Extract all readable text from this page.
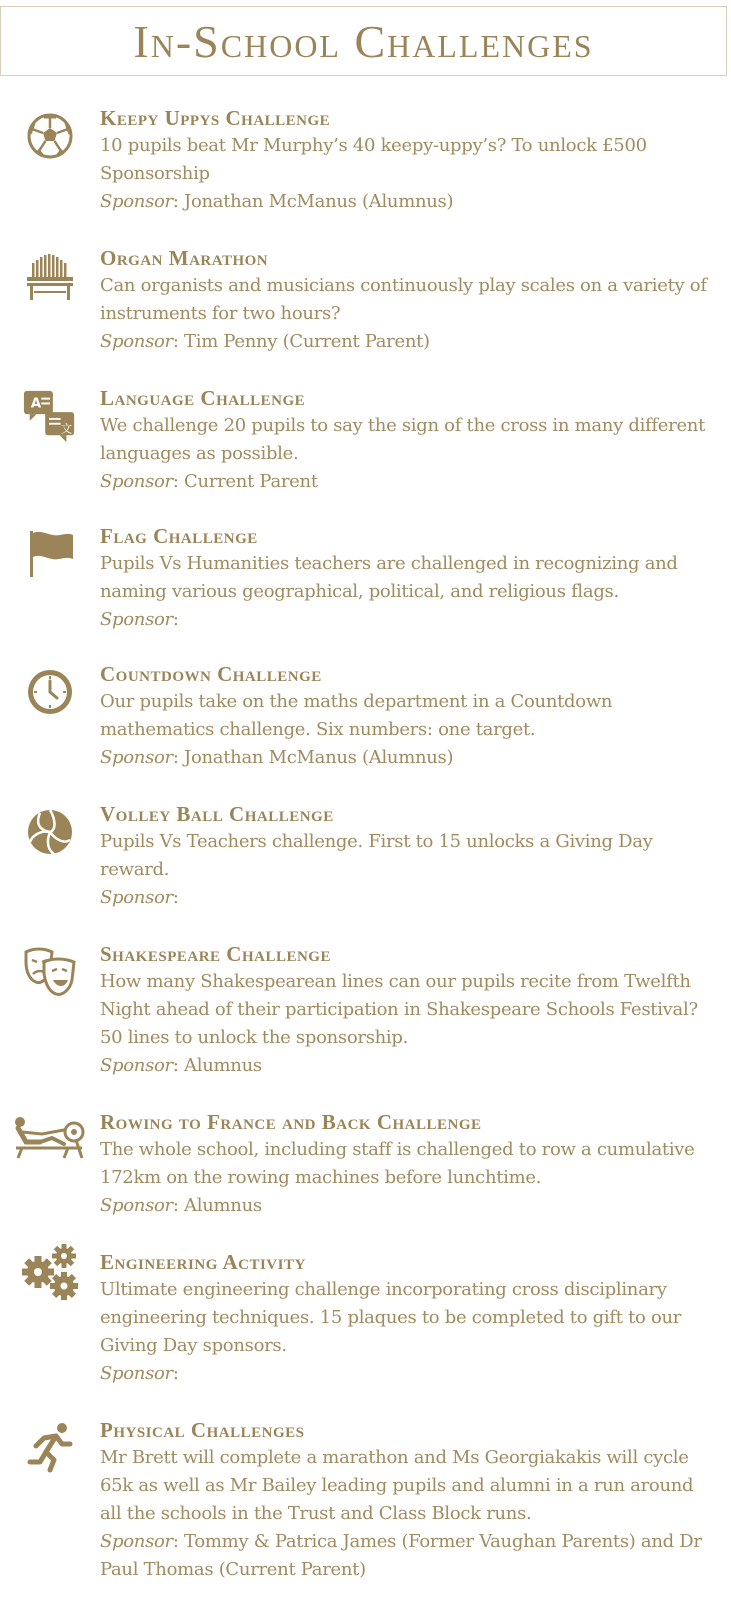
In-School Challenges

Keepy Uppys Challenge

10 pupils beat Mr Murphy’s 40 keepy-uppy’s? To unlock £500 Sponsorship

Sponsor: Jonathan McManus (Alumnus)

Organ Marathon

Can organists and musicians continuously play scales on a variety of instruments for two hours?

Sponsor: Tim Penny (Current Parent)

A
文

Language Challenge

We challenge 20 pupils to say the sign of the cross in many different languages as possible.

Sponsor: Current Parent

Flag Challenge

Pupils Vs Humanities teachers are challenged in recognizing and naming various geographical, political, and religious flags.

Sponsor:

Countdown Challenge

Our pupils take on the maths department in a Countdown mathematics challenge. Six numbers: one target.

Sponsor: Jonathan McManus (Alumnus)

Volley Ball Challenge

Pupils Vs Teachers challenge. First to 15 unlocks a Giving Day reward.

Sponsor:

Shakespeare Challenge

How many Shakespearean lines can our pupils recite from Twelfth Night ahead of their participation in Shakespeare Schools Festival? 50 lines to unlock the sponsorship.

Sponsor: Alumnus

Rowing to France and Back Challenge

The whole school, including staff is challenged to row a cumulative 172km on the rowing machines before lunchtime.

Sponsor: Alumnus

Engineering Activity

Ultimate engineering challenge incorporating cross disciplinary engineering techniques. 15 plaques to be completed to gift to our Giving Day sponsors.

Sponsor:

Physical Challenges

Mr Brett will complete a marathon and Ms Georgiakakis will cycle 65k as well as Mr Bailey leading pupils and alumni in a run around all the schools in the Trust and Class Block runs.

Sponsor: Tommy & Patrica James (Former Vaughan Parents) and Dr Paul Thomas (Current Parent)
